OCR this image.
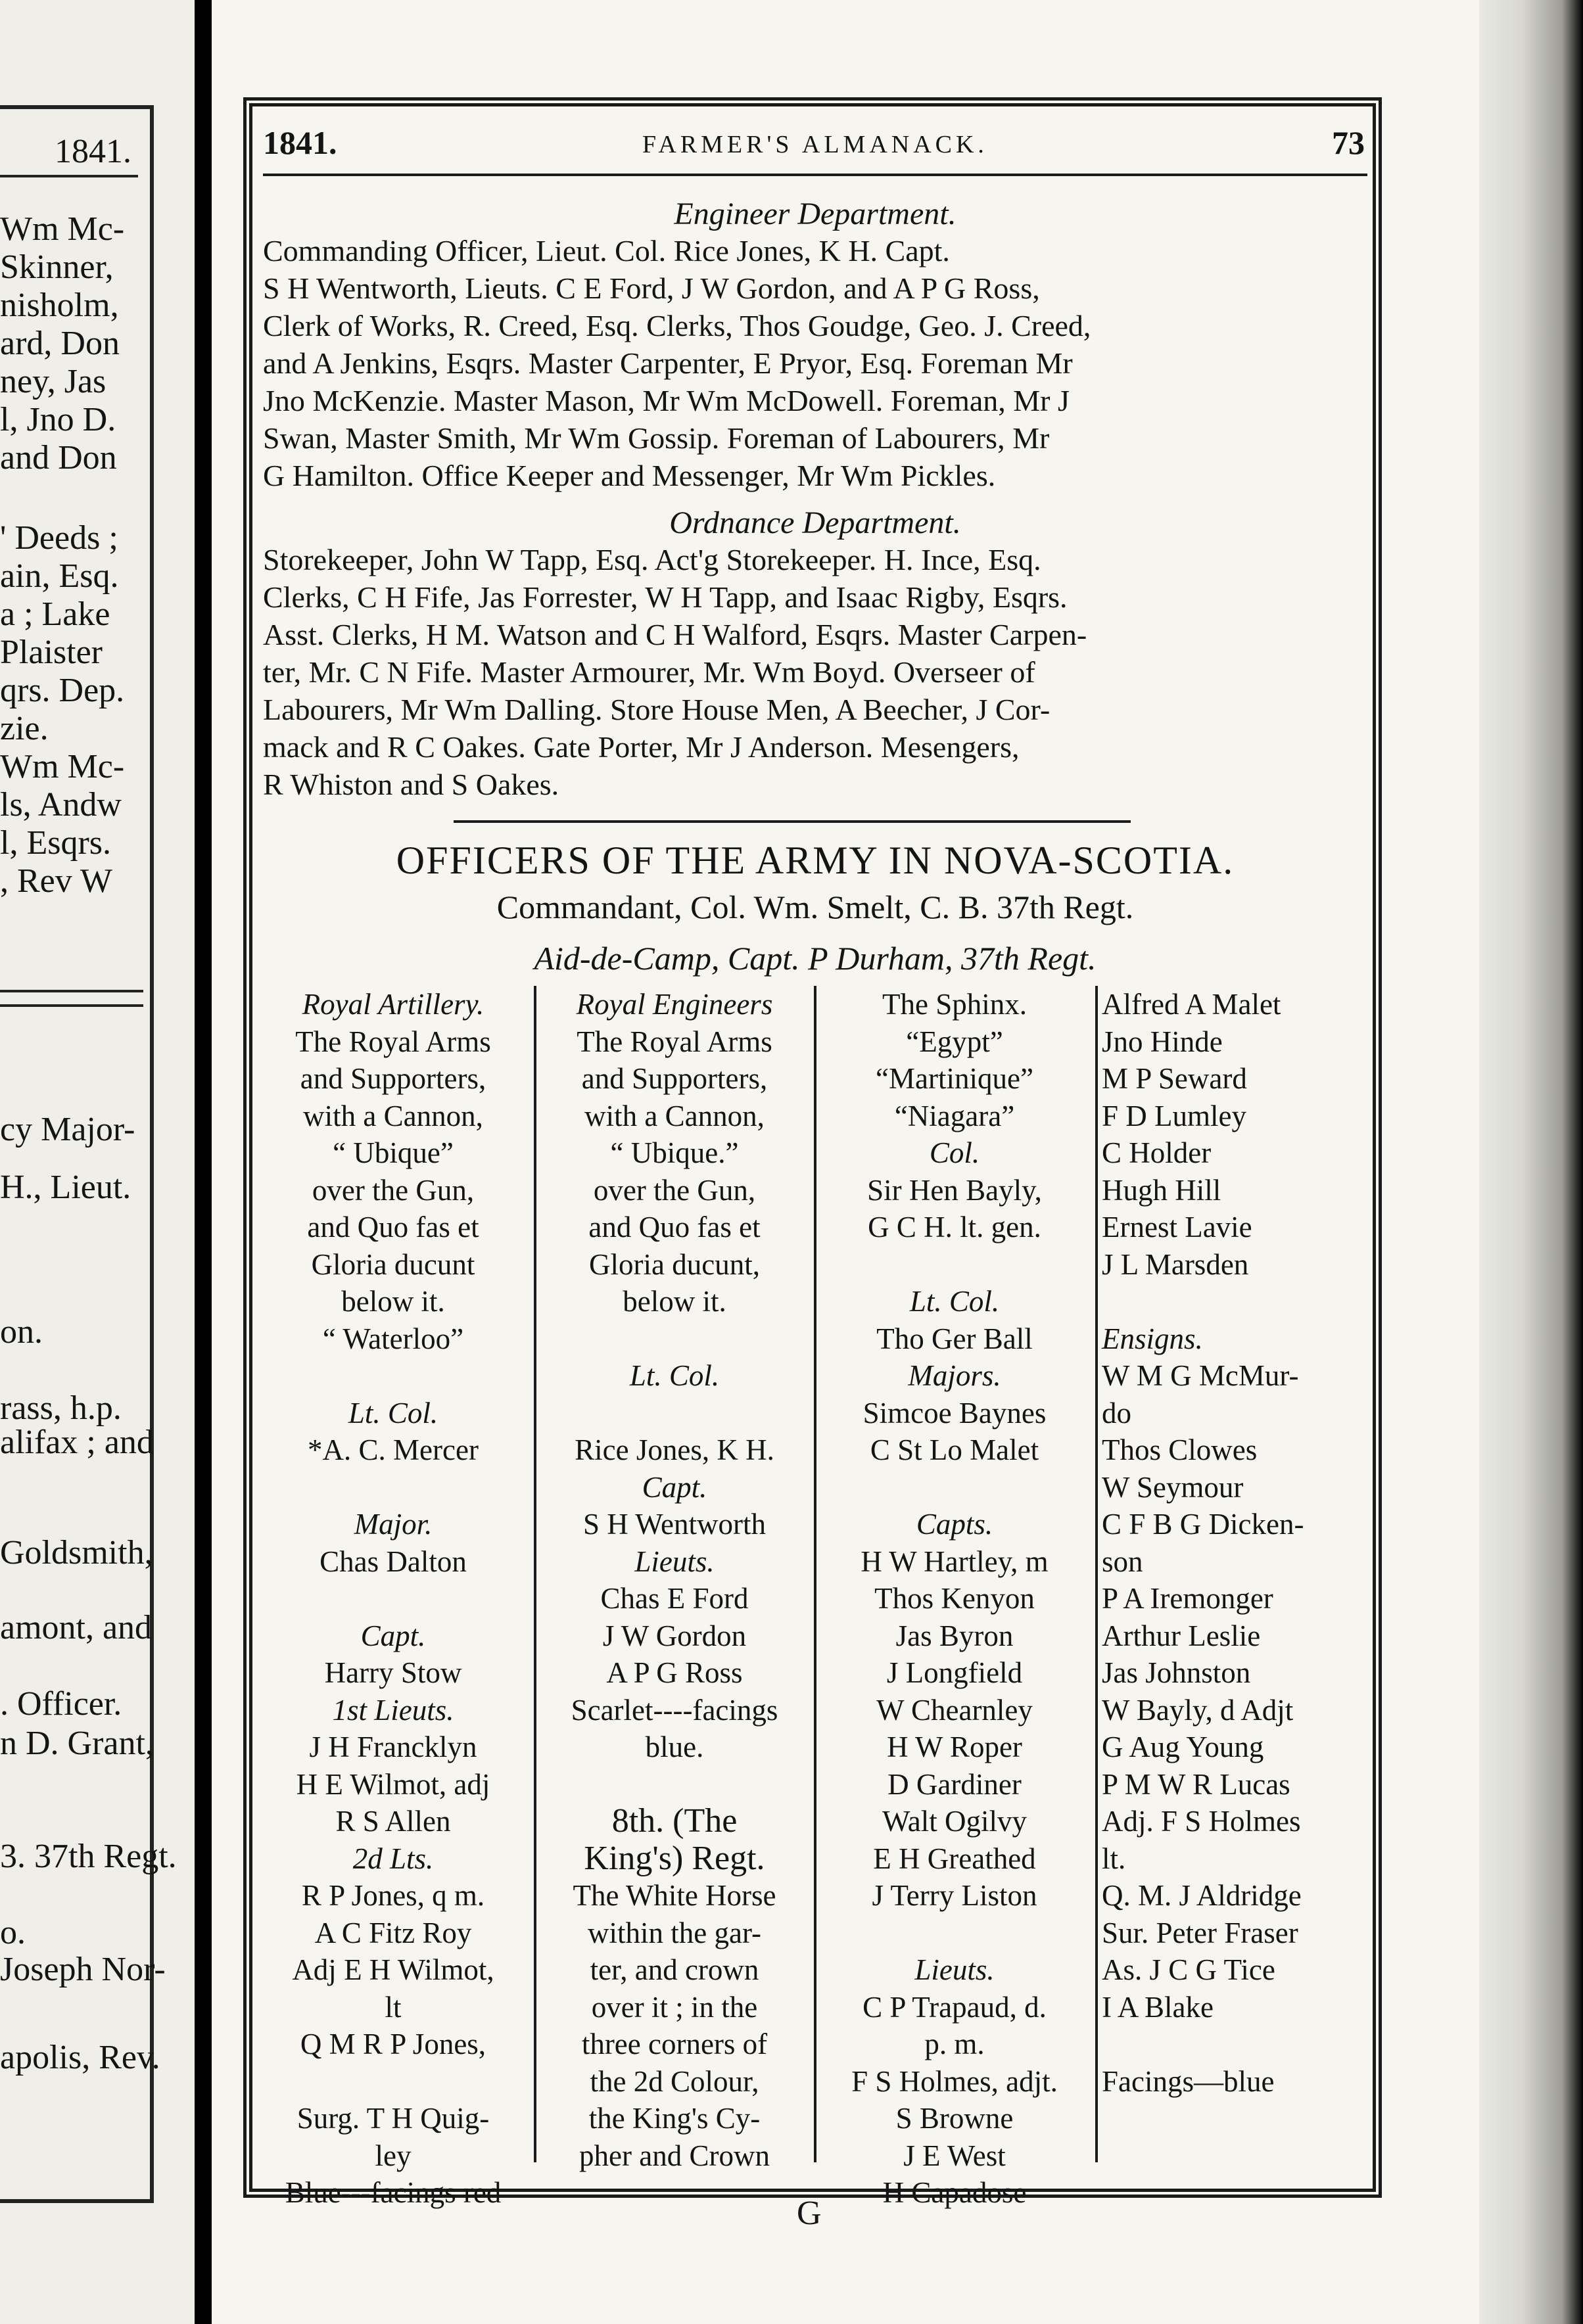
1841.
Wm Mc-
Skinner,
nisholm,
ard, Don
ney, Jas
l, Jno D.
and Don
' Deeds ;
ain, Esq.
a ; Lake
Plaister
qrs. Dep.
zie.
Wm Mc-
ls, Andw
l, Esqrs.
, Rev W
cy Major-
H., Lieut.
on.
rass, h.p.
alifax ; and
Goldsmith,
amont, and
. Officer.
n D. Grant,
3. 37th Regt.
o.
Joseph Nor-
apolis, Rev.
1841.	FARMER'S ALMANACK.	73
Engineer Department.
Commanding Officer, Lieut. Col. Rice Jones, K H. Capt.
S H Wentworth, Lieuts. C E Ford, J W Gordon, and A P G Ross,
Clerk of Works, R. Creed, Esq. Clerks, Thos Goudge, Geo. J. Creed,
and A Jenkins, Esqrs. Master Carpenter, E Pryor, Esq. Foreman Mr
Jno McKenzie. Master Mason, Mr Wm McDowell. Foreman, Mr J
Swan, Master Smith, Mr Wm Gossip. Foreman of Labourers, Mr
G Hamilton. Office Keeper and Messenger, Mr Wm Pickles.
Ordnance Department.
Storekeeper, John W Tapp, Esq. Act'g Storekeeper. H. Ince, Esq.
Clerks, C H Fife, Jas Forrester, W H Tapp, and Isaac Rigby, Esqrs.
Asst. Clerks, H M. Watson and C H Walford, Esqrs. Master Carpen-
ter, Mr. C N Fife. Master Armourer, Mr. Wm Boyd. Overseer of
Labourers, Mr Wm Dalling. Store House Men, A Beecher, J Cor-
mack and R C Oakes. Gate Porter, Mr J Anderson. Mesengers,
R Whiston and S Oakes.
OFFICERS OF THE ARMY IN NOVA-SCOTIA.
Commandant, Col. Wm. Smelt, C. B. 37th Regt.
Aid-de-Camp, Capt. P Durham, 37th Regt.
Royal Artillery.
The Royal Arms
and Supporters,
with a Cannon,
“ Ubique”
over the Gun,
and Quo fas et
Gloria ducunt
below it.
“ Waterloo”

Lt. Col.
*A. C. Mercer

Major.
Chas Dalton

Capt.
Harry Stow
1st Lieuts.
J H Francklyn
H E Wilmot, adj
R S Allen
2d Lts.
R P Jones, q m.
A C Fitz Roy
Adj E H Wilmot,
lt
Q M R P Jones,

Surg. T H Quig-
ley
Blue---facings red
Royal Engineers
The Royal Arms
and Supporters,
with a Cannon,
“ Ubique.”
over the Gun,
and Quo fas et
Gloria ducunt,
below it.

Lt. Col.

Rice Jones, K H.
Capt.
S H Wentworth
Lieuts.
Chas E Ford
J W Gordon
A P G Ross
Scarlet----facings
blue.

8th. (The
King's) Regt.
The White Horse
within the gar-
ter, and crown
over it ; in the
three corners of
the 2d Colour,
the King's Cy-
pher and Crown
The Sphinx.
“Egypt”
“Martinique”
“Niagara”
Col.
Sir Hen Bayly,
G C H. lt. gen.

Lt. Col.
Tho Ger Ball
Majors.
Simcoe Baynes
C St Lo Malet

Capts.
H W Hartley, m
Thos Kenyon
Jas Byron
J Longfield
W Chearnley
H W Roper
D Gardiner
Walt Ogilvy
E H Greathed
J Terry Liston

Lieuts.
C P Trapaud, d.
p. m.
F S Holmes, adjt.
S Browne
J E West
H Capadose
Alfred A Malet
Jno Hinde
M P Seward
F D Lumley
C Holder
Hugh Hill
Ernest Lavie
J L Marsden

Ensigns.
W M G McMur-
do
Thos Clowes
W Seymour
C F B G Dicken-
son
P A Iremonger
Arthur Leslie
Jas Johnston
W Bayly, d Adjt
G Aug Young
P M W R Lucas
Adj. F S Holmes
lt.
Q. M. J Aldridge
Sur. Peter Fraser
As. J C G Tice
I A Blake

Facings—blue
G
